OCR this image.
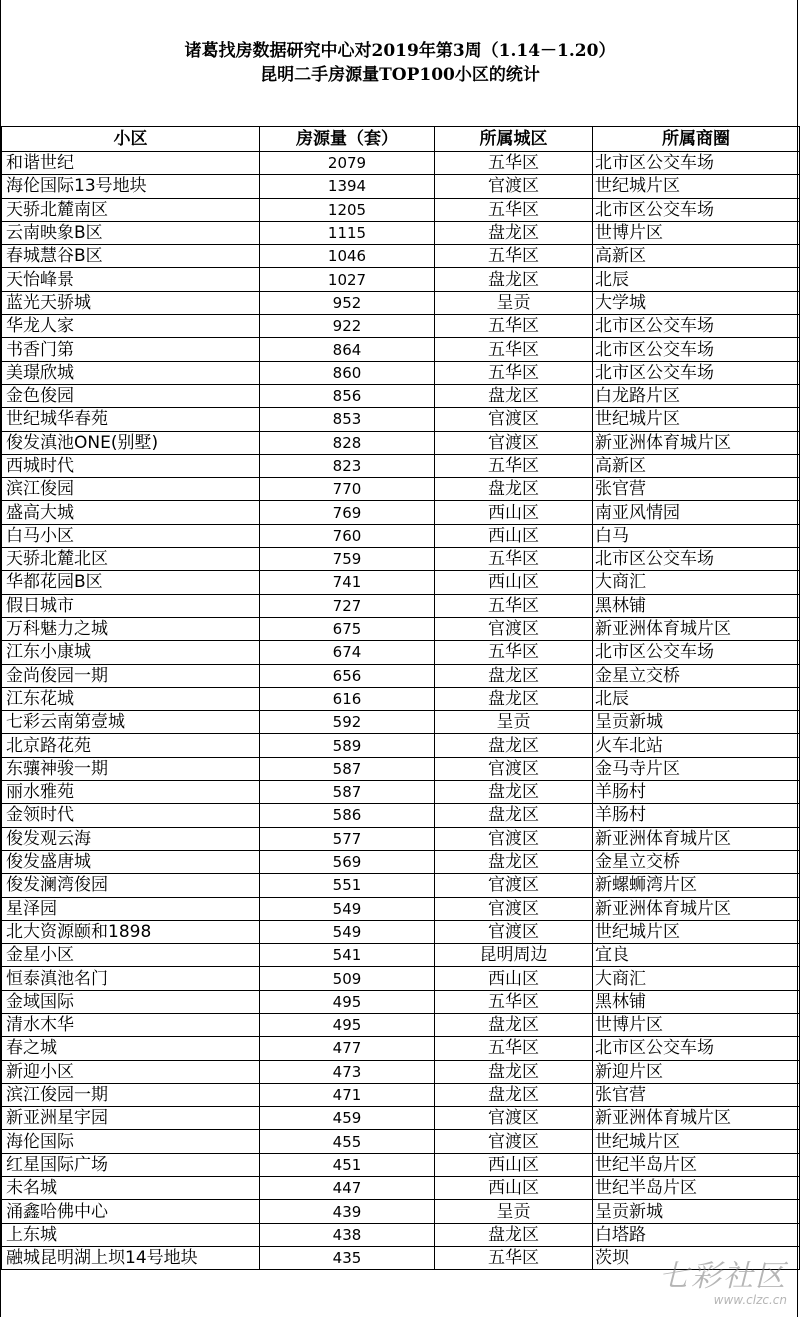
诸葛找房数据研究中心对2019年第3周（1.14－1.20）
昆明二手房源量TOP100小区的统计
小区	房源量（套）	所属城区	所属商圈
和谐世纪	2079	五华区	北市区公交车场
海伦国际13号地块	1394	官渡区	世纪城片区
天骄北麓南区	1205	五华区	北市区公交车场
云南映象B区	1115	盘龙区	世博片区
春城慧谷B区	1046	五华区	高新区
天怡峰景	1027	盘龙区	北辰
蓝光天骄城	952	呈贡	大学城
华龙人家	922	五华区	北市区公交车场
书香门第	864	五华区	北市区公交车场
美璟欣城	860	五华区	北市区公交车场
金色俊园	856	盘龙区	白龙路片区
世纪城华春苑	853	官渡区	世纪城片区
俊发滇池ONE(别墅)	828	官渡区	新亚洲体育城片区
西城时代	823	五华区	高新区
滨江俊园	770	盘龙区	张官营
盛高大城	769	西山区	南亚风情园
白马小区	760	西山区	白马
天骄北麓北区	759	五华区	北市区公交车场
华都花园B区	741	西山区	大商汇
假日城市	727	五华区	黑林铺
万科魅力之城	675	官渡区	新亚洲体育城片区
江东小康城	674	五华区	北市区公交车场
金尚俊园一期	656	盘龙区	金星立交桥
江东花城	616	盘龙区	北辰
七彩云南第壹城	592	呈贡	呈贡新城
北京路花苑	589	盘龙区	火车北站
东骧神骏一期	587	官渡区	金马寺片区
丽水雅苑	587	盘龙区	羊肠村
金领时代	586	盘龙区	羊肠村
俊发观云海	577	官渡区	新亚洲体育城片区
俊发盛唐城	569	盘龙区	金星立交桥
俊发澜湾俊园	551	官渡区	新螺蛳湾片区
星泽园	549	官渡区	新亚洲体育城片区
北大资源颐和1898	549	官渡区	世纪城片区
金星小区	541	昆明周边	宜良
恒泰滇池名门	509	西山区	大商汇
金域国际	495	五华区	黑林铺
清水木华	495	盘龙区	世博片区
春之城	477	五华区	北市区公交车场
新迎小区	473	盘龙区	新迎片区
滨江俊园一期	471	盘龙区	张官营
新亚洲星宇园	459	官渡区	新亚洲体育城片区
海伦国际	455	官渡区	世纪城片区
红星国际广场	451	西山区	世纪半岛片区
未名城	447	西山区	世纪半岛片区
涌鑫哈佛中心	439	呈贡	呈贡新城
上东城	438	盘龙区	白塔路
融城昆明湖上坝14号地块	435	五华区	茨坝
七彩社区
www.clzc.cn
